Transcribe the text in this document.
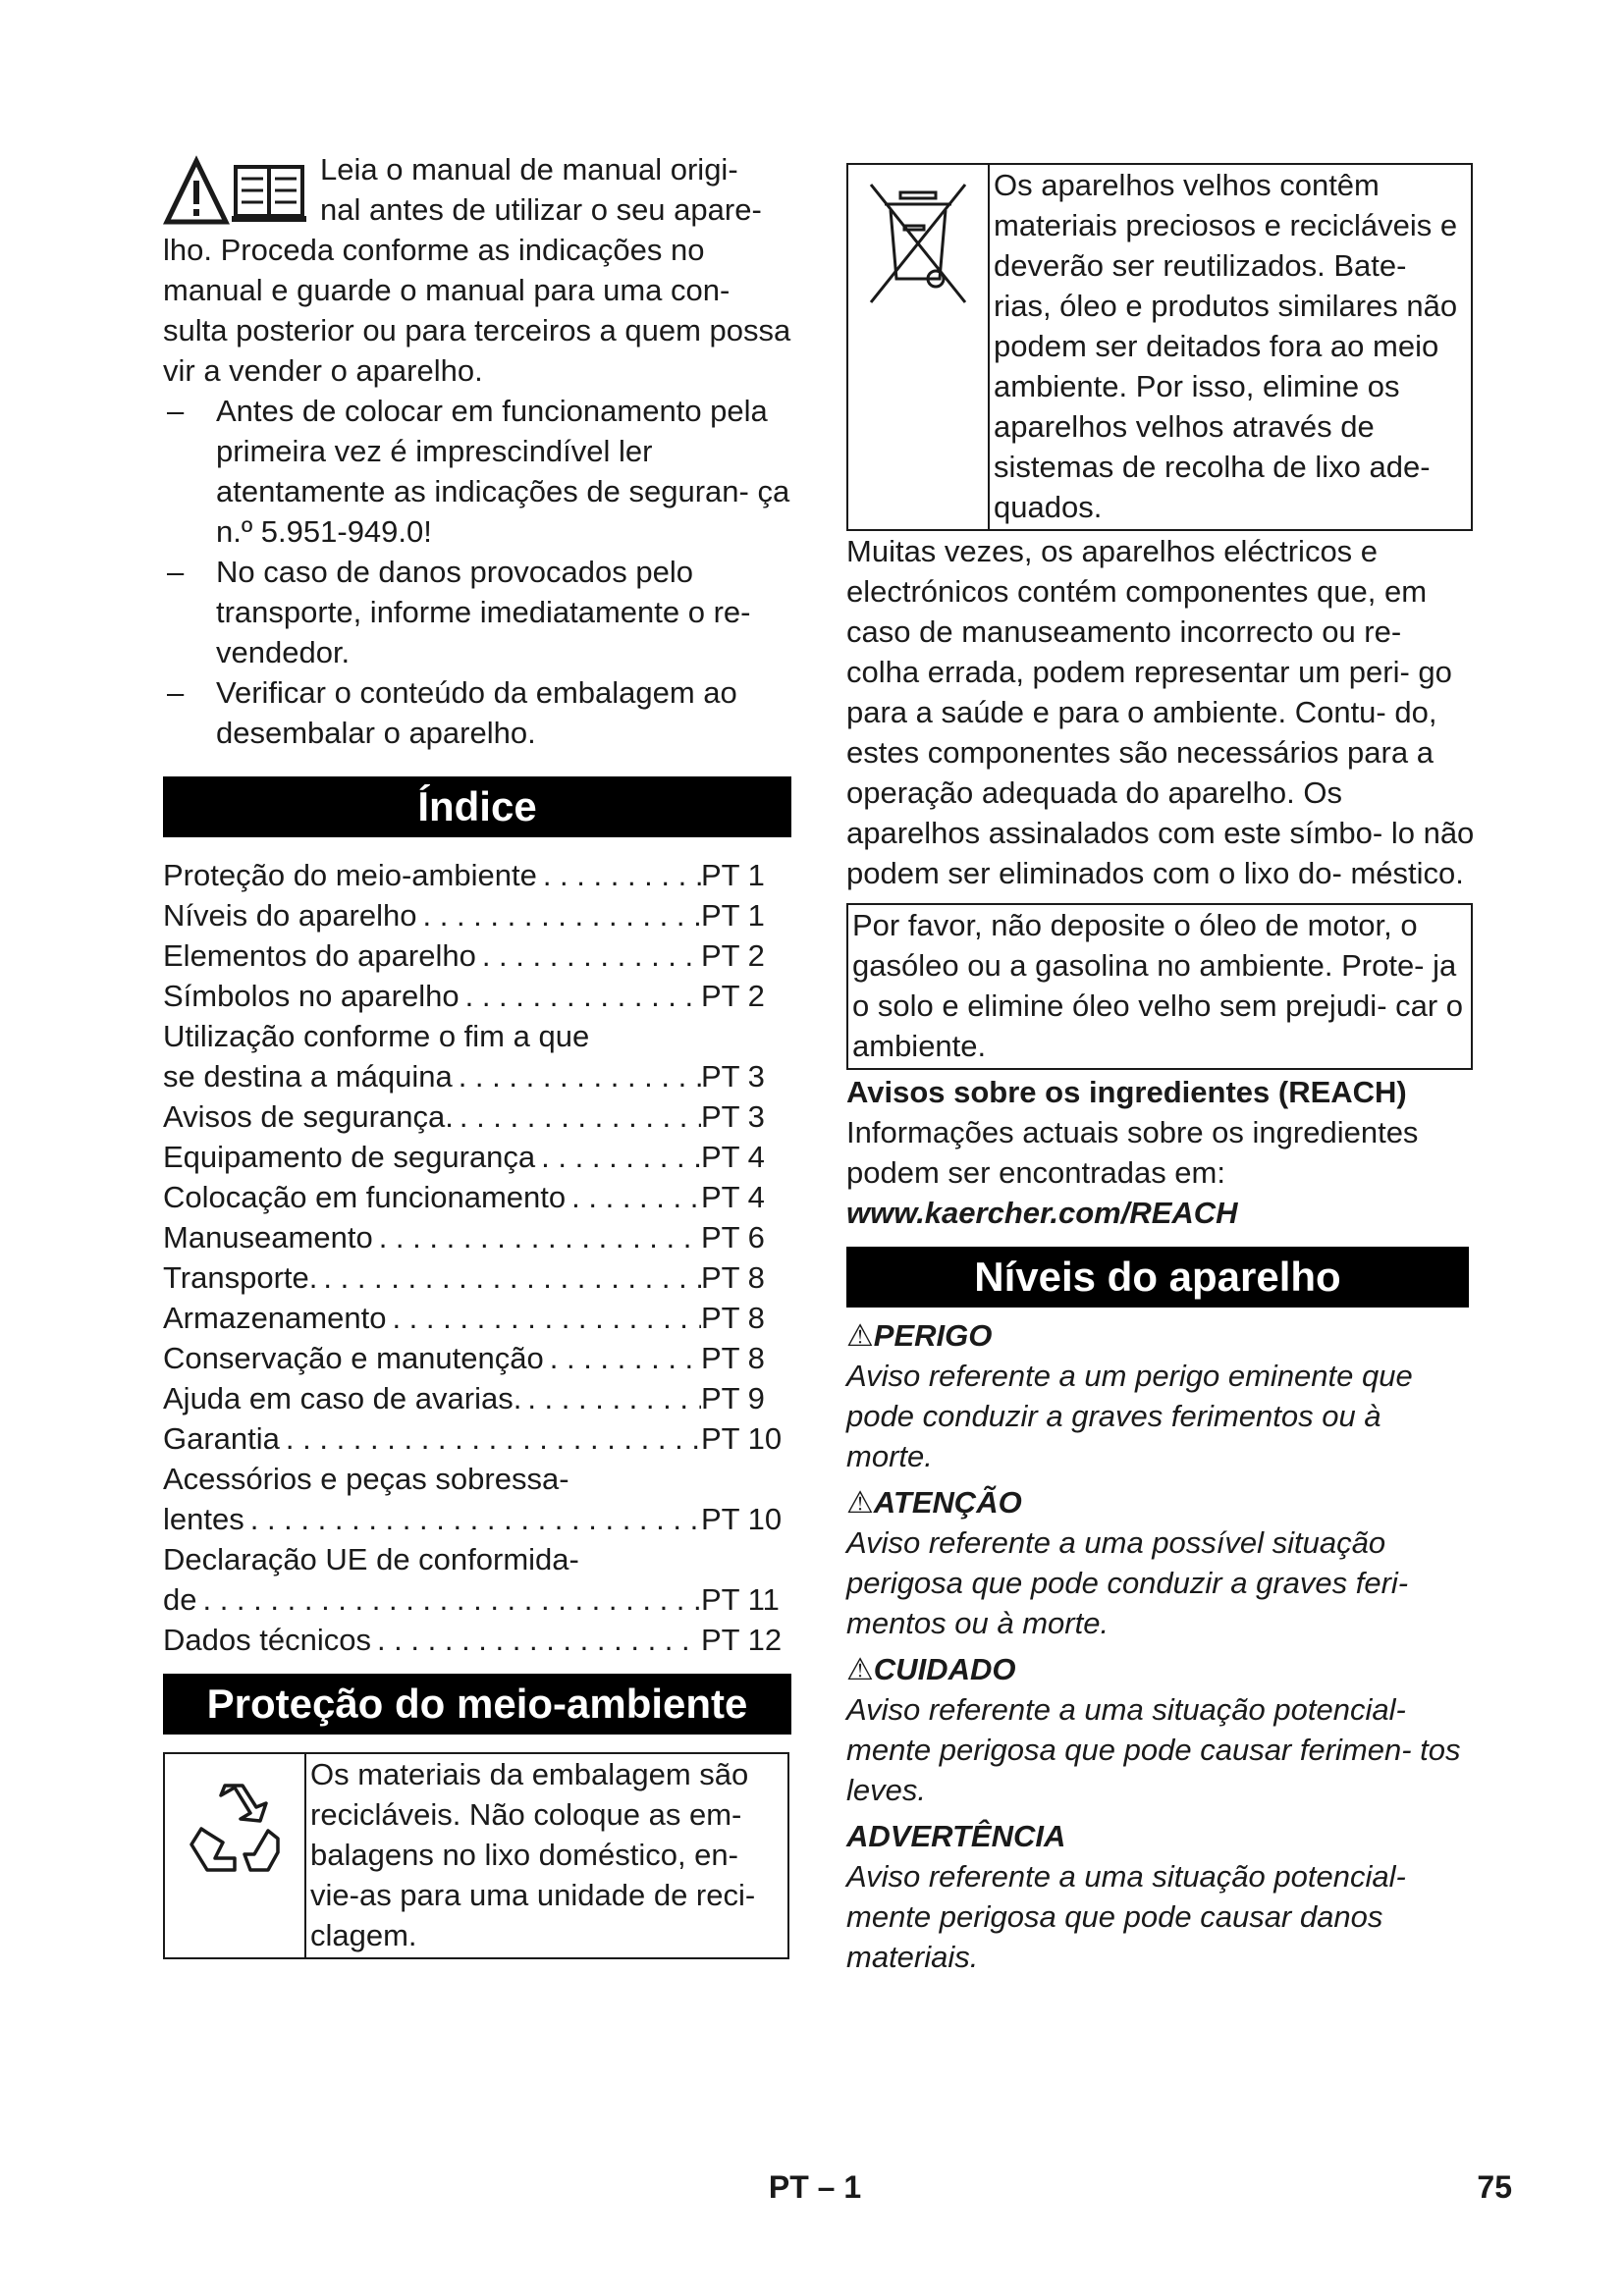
Leia o manual de manual origi-
nal antes de utilizar o seu apare-

lho. Proceda conforme as indicações no manual e guarde o manual para uma con- sulta posterior ou para terceiros a quem possa vir a vender o aparelho.

– Antes de colocar em funcionamento pela primeira vez é imprescindível ler atentamente as indicações de seguran- ça n.º 5.951-949.0!
– No caso de danos provocados pelo transporte, informe imediatamente o re- vendedor.
– Verificar o conteúdo da embalagem ao desembalar o aparelho.
Índice
Proteção do meio-ambiente . . .	PT 1
Níveis do aparelho . . .	PT 1
Elementos do aparelho . . .	PT 2
Símbolos no aparelho . . .	PT 2
Utilização conforme o fim a que
se destina a máquina . . .	PT 3
Avisos de segurança. . . .	PT 3
Equipamento de segurança . . .	PT 4
Colocação em funcionamento . . .	PT 4
Manuseamento . . .	PT 6
Transporte. . . .	PT 8
Armazenamento . . .	PT 8
Conservação e manutenção . . .	PT 8
Ajuda em caso de avarias. . . .	PT 9
Garantia . . .	PT 10
Acessórios e peças sobressa-
lentes . . .	PT 10
Declaração UE de conformida-
de . . .	PT 11
Dados técnicos . . .	PT 12
Proteção do meio-ambiente
Os materiais da embalagem são recicláveis. Não coloque as em- balagens no lixo doméstico, en- vie-as para uma unidade de reci- clagem.
Os aparelhos velhos contêm materiais preciosos e recicláveis e deverão ser reutilizados. Bate- rias, óleo e produtos similares não podem ser deitados fora ao meio ambiente. Por isso, elimine os aparelhos velhos através de sistemas de recolha de lixo ade- quados.

Muitas vezes, os aparelhos eléctricos e electrónicos contém componentes que, em caso de manuseamento incorrecto ou re- colha errada, podem representar um peri- go para a saúde e para o ambiente. Contu- do, estes componentes são necessários para a operação adequada do aparelho. Os aparelhos assinalados com este símbo- lo não podem ser eliminados com o lixo do- méstico.

Por favor, não deposite o óleo de motor, o gasóleo ou a gasolina no ambiente. Prote- ja o solo e elimine óleo velho sem prejudi- car o ambiente.

Avisos sobre os ingredientes (REACH)

Informações actuais sobre os ingredientes podem ser encontradas em:

www.kaercher.com/REACH

Níveis do aparelho

⚠PERIGO

Aviso referente a um perigo eminente que pode conduzir a graves ferimentos ou à morte.

⚠ATENÇÃO

Aviso referente a uma possível situação perigosa que pode conduzir a graves feri- mentos ou à morte.

⚠CUIDADO

Aviso referente a uma situação potencial- mente perigosa que pode causar ferimen- tos leves.

ADVERTÊNCIA

Aviso referente a uma situação potencial- mente perigosa que pode causar danos materiais.

PT – 1	75
